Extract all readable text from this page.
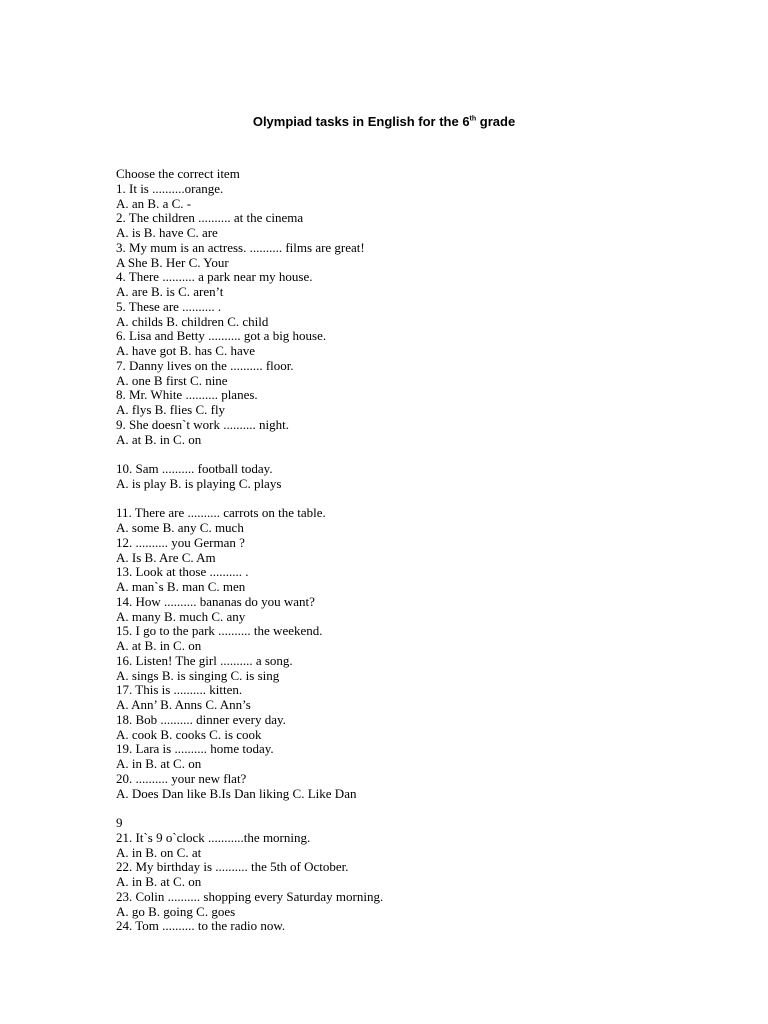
Olympiad tasks in English for the 6th grade
Choose the correct item
1. It is ..........orange.
A. an B. a C. -
2. The children .......... at the cinema
A. is B. have C. are
3. My mum is an actress. .......... films are great!
A She B. Her C. Your
4. There .......... a park near my house.
A. are B. is C. aren’t
5. These are .......... .
A. childs B. children C. child
6. Lisa and Betty .......... got a big house.
A. have got B. has C. have
7. Danny lives on the .......... floor.
A. one B first C. nine
8. Mr. White .......... planes.
A. flys B. flies C. fly
9. She doesn`t work .......... night.
A. at B. in C. on
10. Sam .......... football today.
A. is play B. is playing C. plays
11. There are .......... carrots on the table.
A. some B. any C. much
12. .......... you German ?
A. Is B. Are C. Am
13. Look at those .......... .
A. man`s B. man C. men
14. How .......... bananas do you want?
A. many B. much C. any
15. I go to the park .......... the weekend.
A. at B. in C. on
16. Listen! The girl .......... a song.
A. sings B. is singing C. is sing
17. This is .......... kitten.
A. Ann’ B. Anns C. Ann’s
18. Bob .......... dinner every day.
A. cook B. cooks C. is cook
19. Lara is .......... home today.
A. in B. at C. on
20. .......... your new flat?
A. Does Dan like B.Is Dan liking C. Like Dan
9
21. It`s 9 o`clock ...........the morning.
A. in B. on C. at
22. My birthday is .......... the 5th of October.
A. in B. at C. on
23. Colin .......... shopping every Saturday morning.
A. go B. going C. goes
24. Tom .......... to the radio now.
